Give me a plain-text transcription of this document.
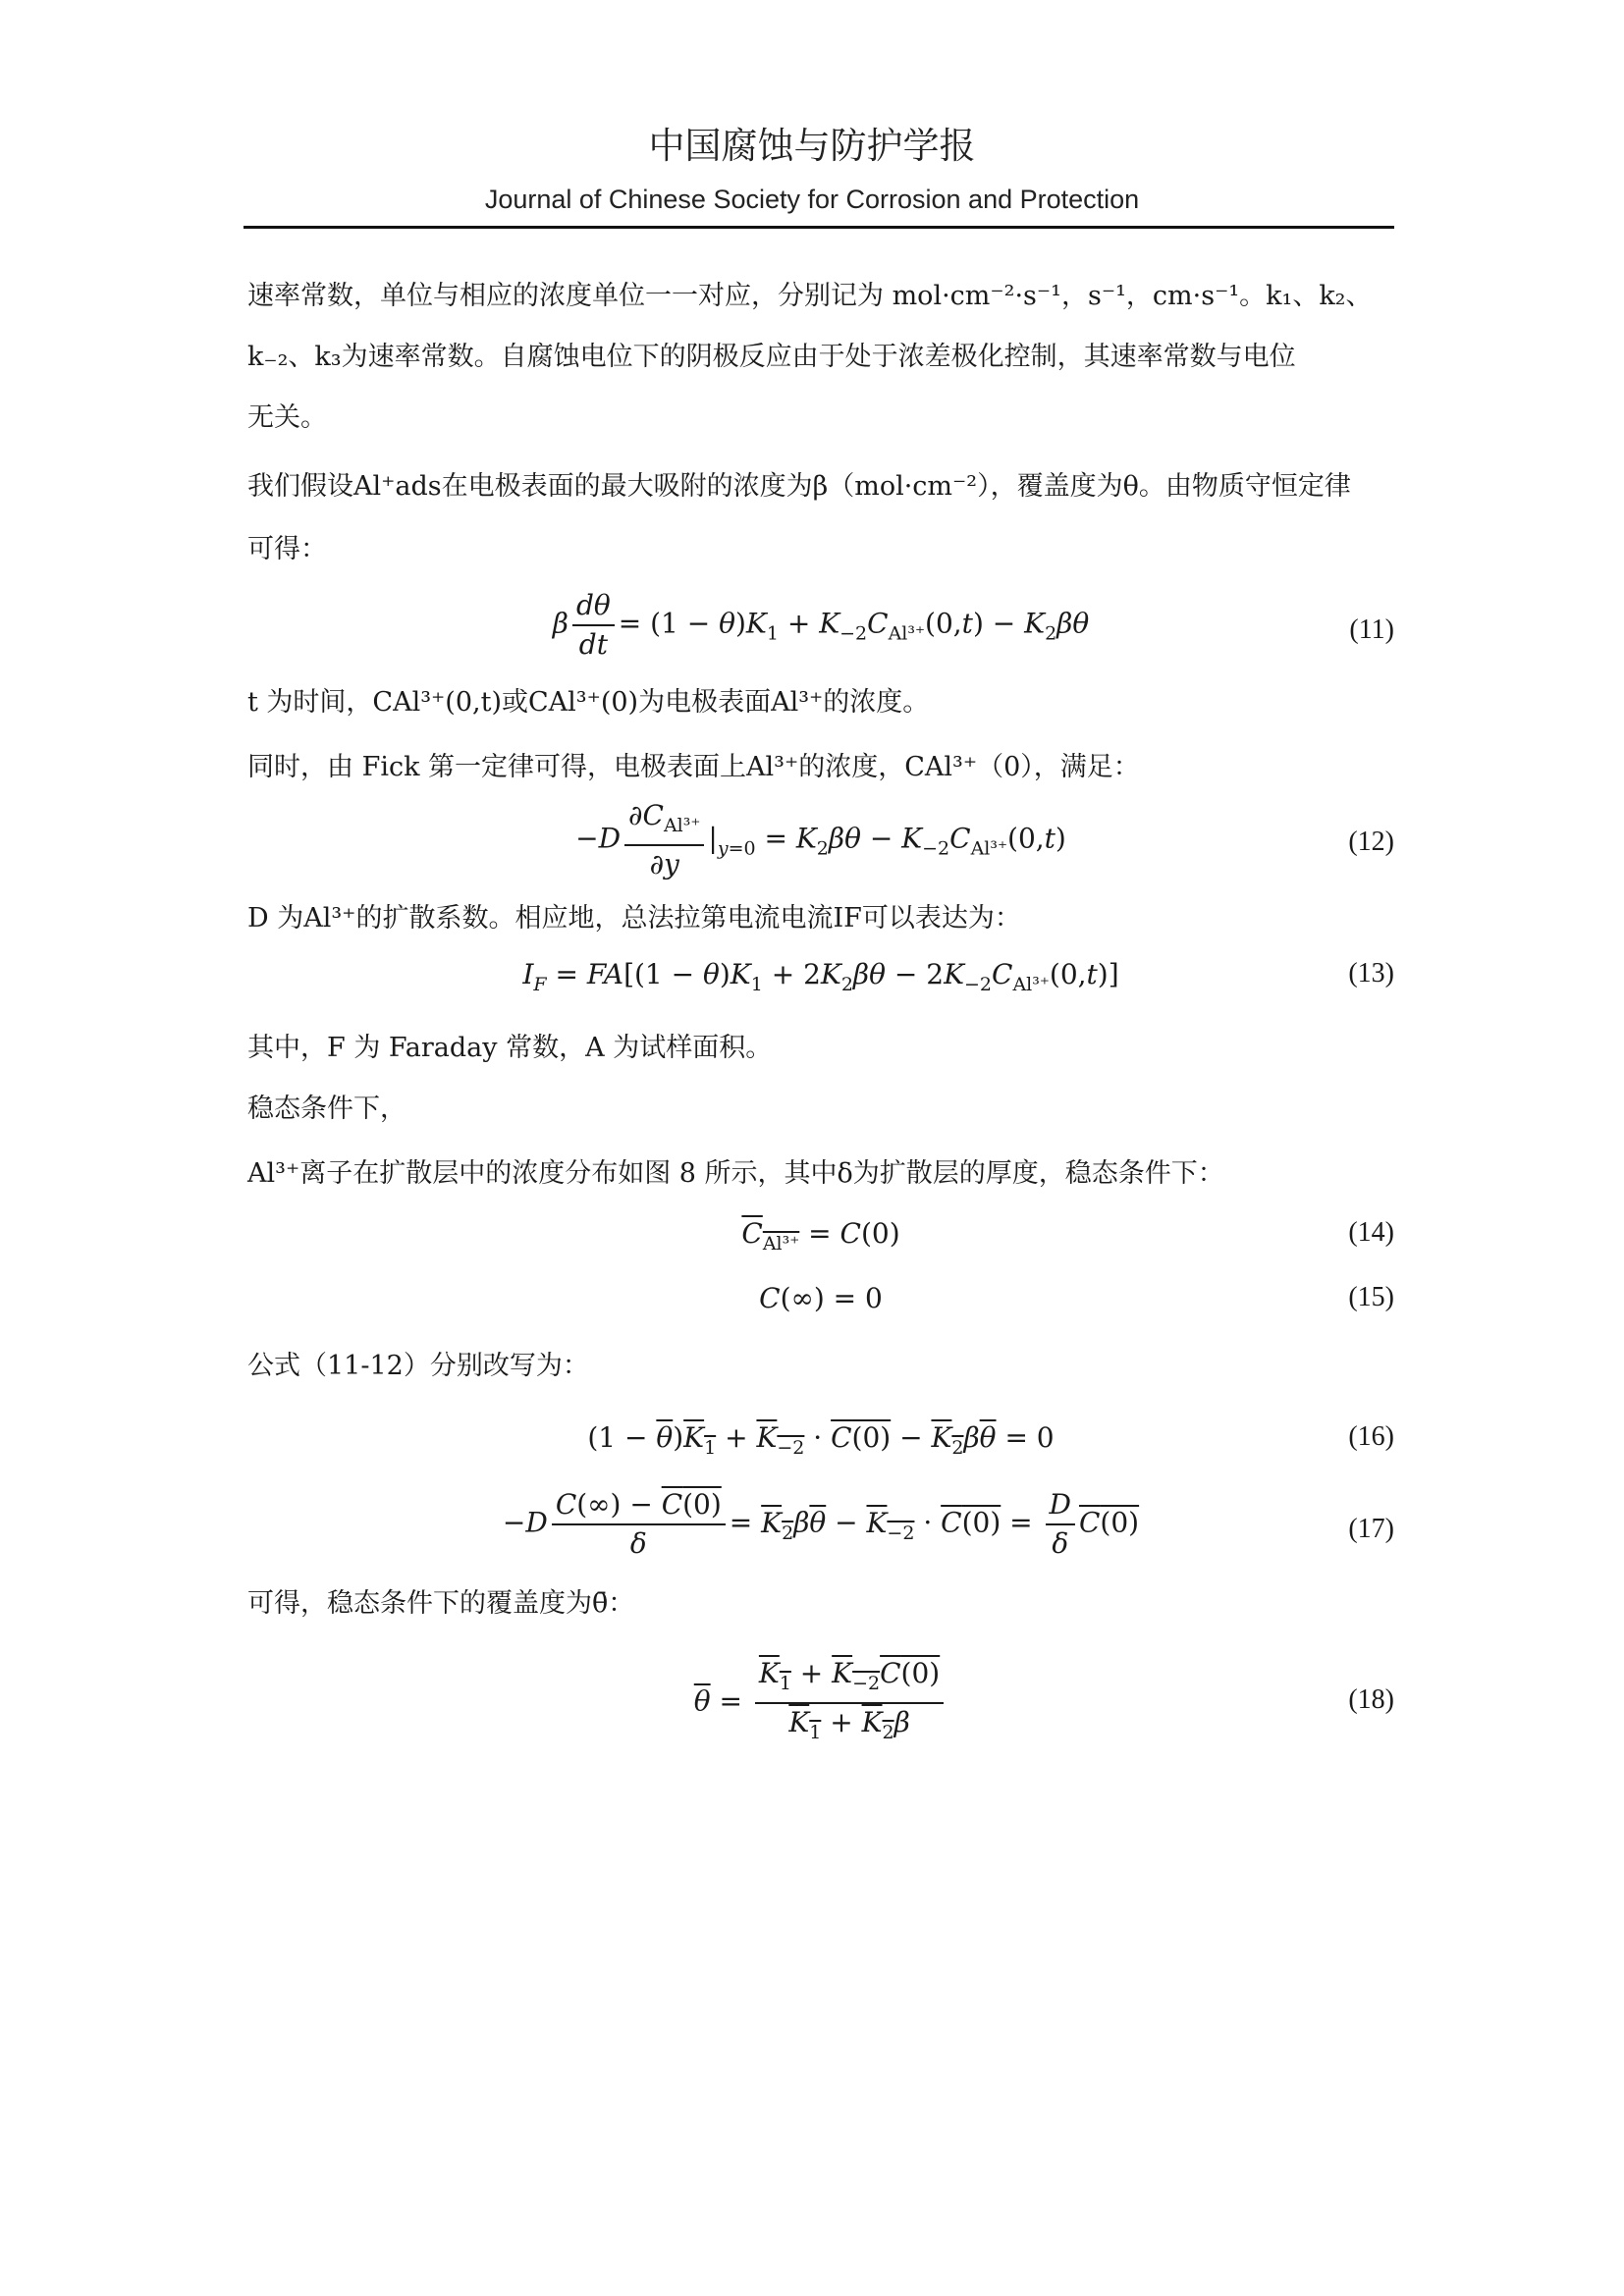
中国腐蚀与防护学报
Journal of Chinese Society for Corrosion and Protection
速率常数，单位与相应的浓度单位一一对应，分别记为 mol·cm⁻²·s⁻¹，s⁻¹，cm·s⁻¹。k₁、k₂、
k₋₂、k₃为速率常数。自腐蚀电位下的阴极反应由于处于浓差极化控制，其速率常数与电位
无关。
我们假设Al⁺ads在电极表面的最大吸附的浓度为β（mol·cm⁻²），覆盖度为θ。由物质守恒定律
可得：
β $\frac{d\theta}{dt} = (1 - \theta)K_1 + K_{-2}C_{Al^{3+}}(0,t) - K_2\beta\theta$	(11)
t 为时间，CAl³⁺(0,t)或CAl³⁺(0)为电极表面Al³⁺的浓度。
同时，由 Fick 第一定律可得，电极表面上Al³⁺的浓度，CAl³⁺（0），满足：
$-D \frac{\partial C_{Al^{3+}}}{\partial y} |_{y=0} = K_2\beta\theta - K_{-2}C_{Al^{3+}}(0,t)$	(12)
D 为Al³⁺的扩散系数。相应地，总法拉第电流电流IF可以表达为：
$I_F = FA[(1 - \theta)K_1 + 2K_2\beta\theta - 2K_{-2}C_{Al^{3+}}(0,t)]$	(13)
其中，F 为 Faraday 常数，A 为试样面积。
稳态条件下，
Al³⁺离子在扩散层中的浓度分布如图 8 所示，其中δ为扩散层的厚度，稳态条件下：
$C_{Al^{3+}} = C(0)$	(14)
C(∞) = 0	(15)
公式（11-12）分别改写为：
$(1 - \overline{\theta})K_1 + K_{-2} \cdot C(0) - K_2\beta\overline{\theta} = 0$	(16)
$-D \frac{C(\infty) - C(0)}{\delta} = K_2\beta\overline{\theta} - K_{-2} \cdot C(0) = \frac{D}{\delta} C(0)$	(17)
可得，稳态条件下的覆盖度为θ̄：
$\overline{\theta} = \frac{K_1 + K_{-2}C(0)}{K_1 + K_2\beta}$	(18)
